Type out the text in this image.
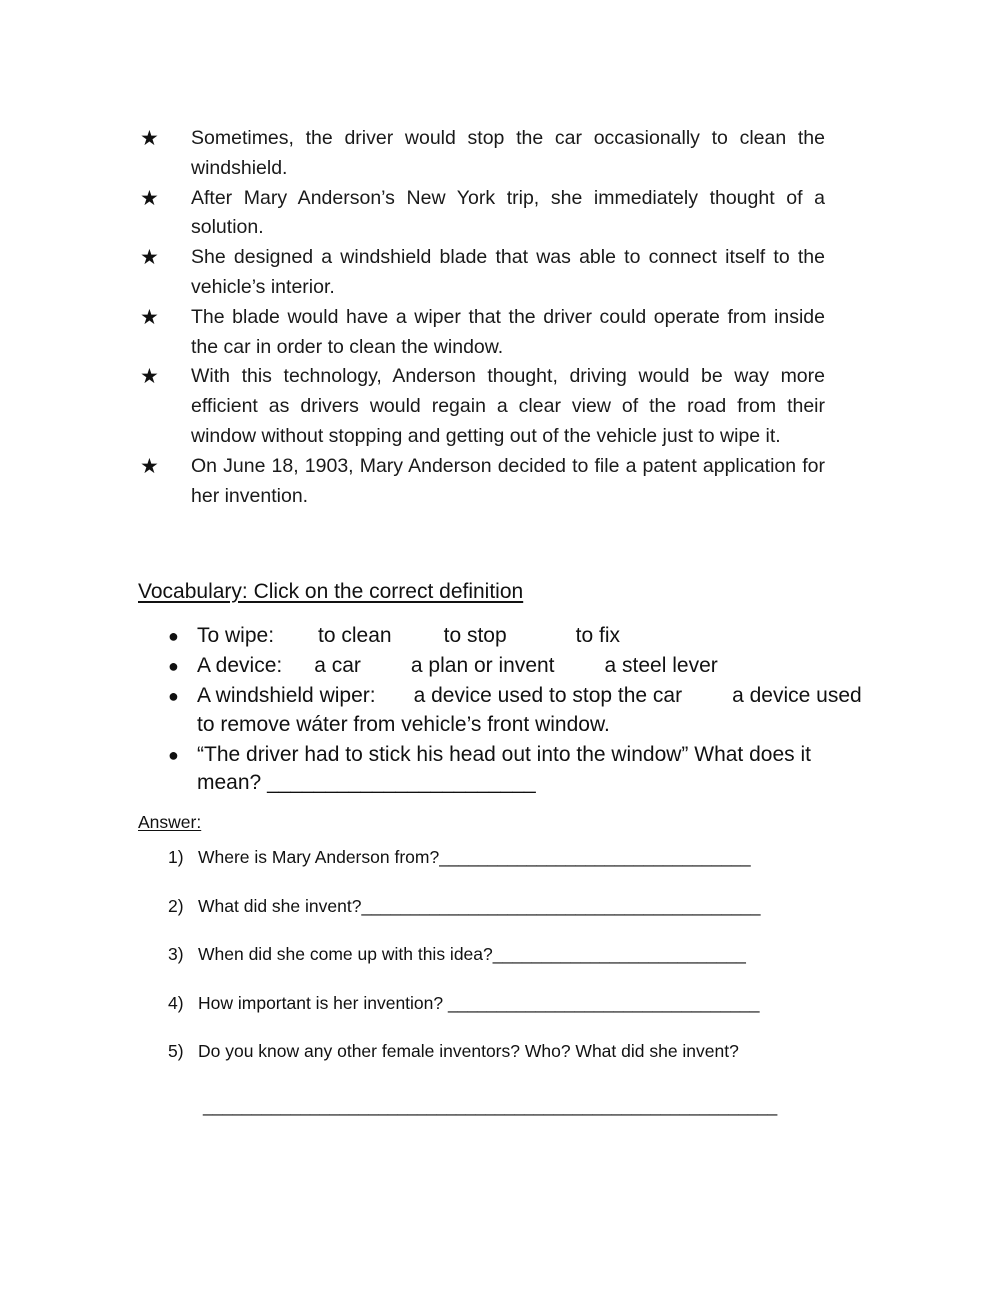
★ Sometimes, the driver would stop the car occasionally to clean the windshield.
★ After Mary Anderson’s New York trip, she immediately thought of a solution.
★ She designed a windshield blade that was able to connect itself to the vehicle’s interior.
★ The blade would have a wiper that the driver could operate from inside the car in order to clean the window.
★ With this technology, Anderson thought, driving would be way more efficient as drivers would regain a clear view of the road from their window without stopping and getting out of the vehicle just to wipe it.
★ On June 18, 1903, Mary Anderson decided to file a patent application for her invention.
Vocabulary: Click on the correct definition
● To wipe: to clean to stop	to fix
● A device: a car a plan or invent a steel lever
● A windshield wiper: a device used to stop the car a device used to remove wáter from vehicle’s front window.
● “The driver had to stick his head out into the window” What does it mean? _______________________
Answer:
1) Where is Mary Anderson from?________________________________
2) What did she invent?_________________________________________
3) When did she come up with this idea?__________________________
4) How important is her invention? ________________________________
5) Do you know any other female inventors? Who? What did she invent?
___________________________________________________________
